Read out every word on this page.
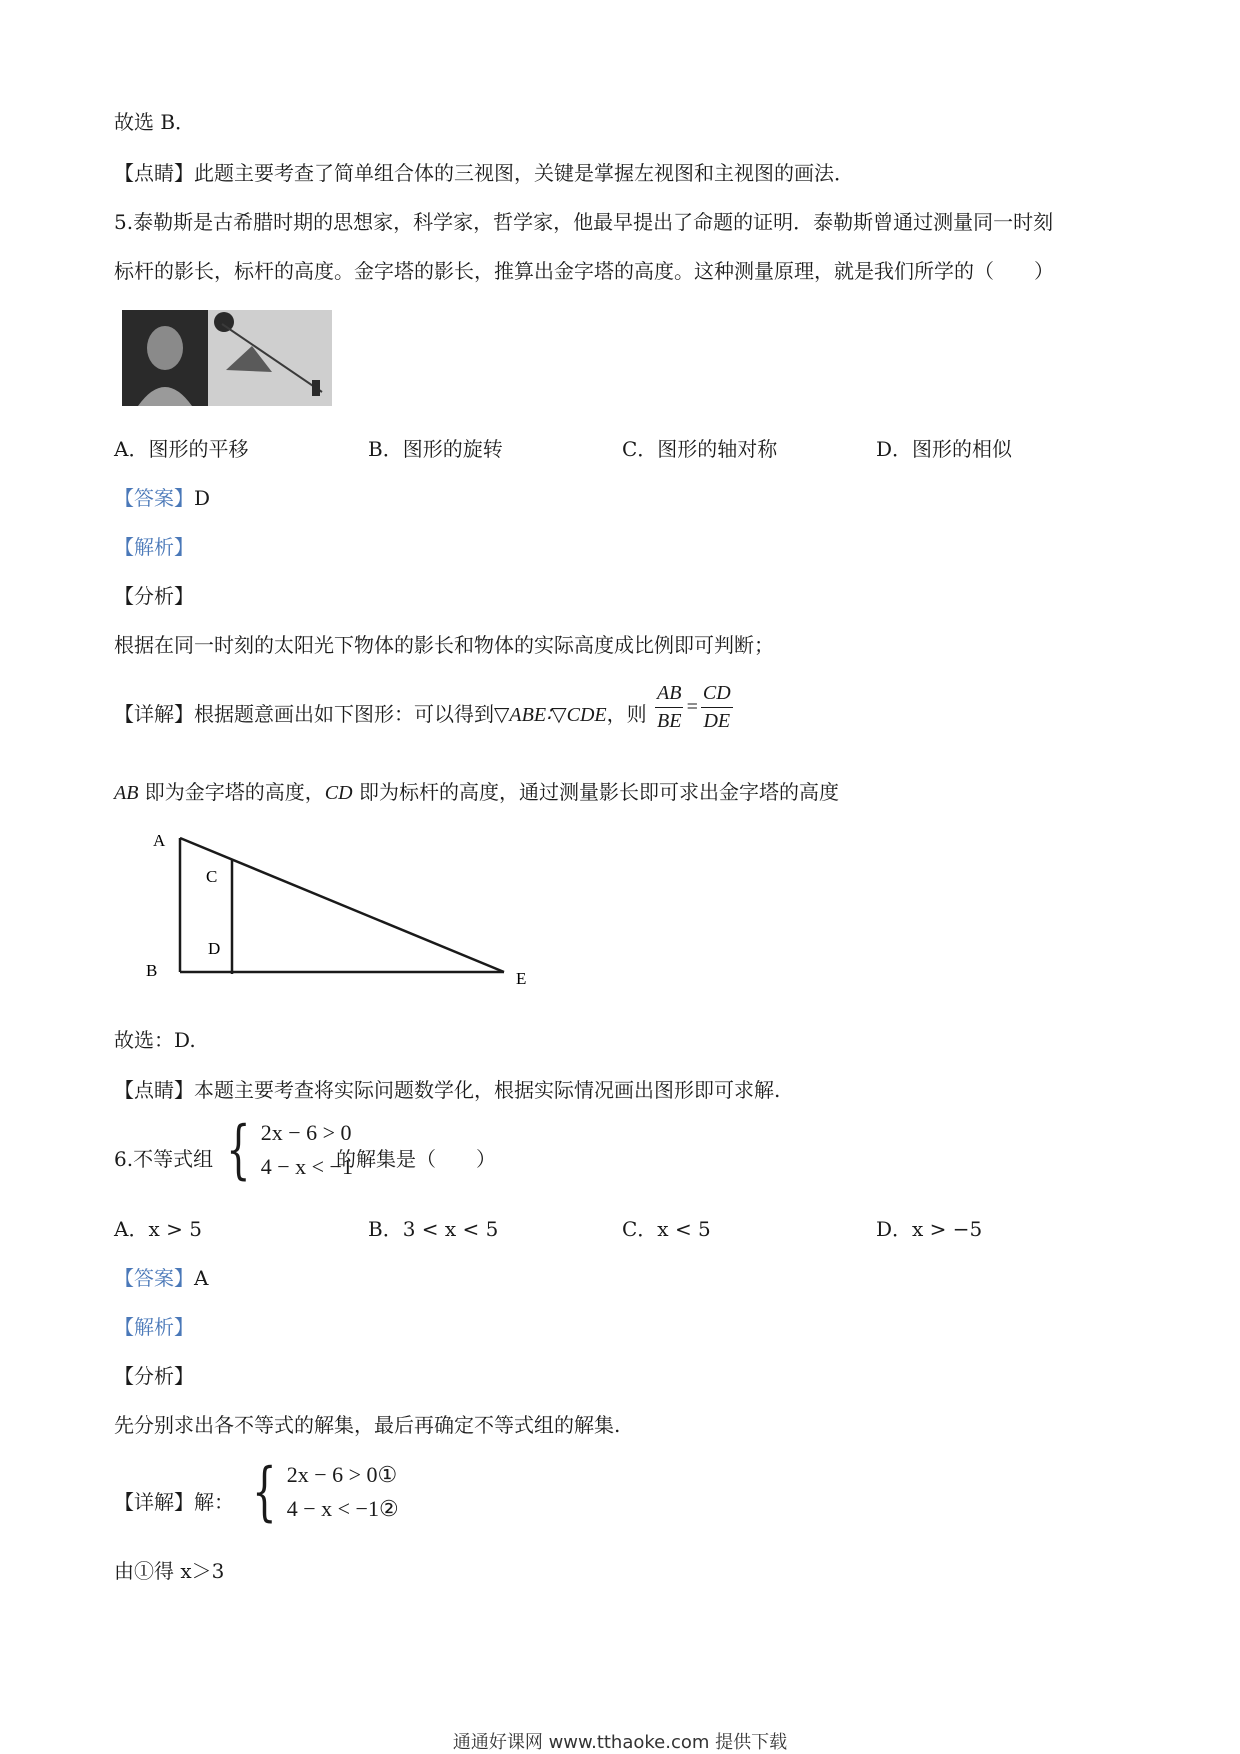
故选 B．
【点睛】此题主要考查了简单组合体的三视图，关键是掌握左视图和主视图的画法．
5.泰勒斯是古希腊时期的思想家，科学家，哲学家，他最早提出了命题的证明．泰勒斯曾通过测量同一时刻
标杆的影长，标杆的高度。金字塔的影长，推算出金字塔的高度。这种测量原理，就是我们所学的（　　）
A．图形的平移	B．图形的旋转	C．图形的轴对称	D．图形的相似
【答案】D
【解析】
【分析】
根据在同一时刻的太阳光下物体的影长和物体的实际高度成比例即可判断；
【详解】根据题意画出如下图形：可以得到▽ABE∶▽CDE，则 $\frac{AB}{BE} = \frac{CD}{DE}$
AB 即为金字塔的高度，CD 即为标杆的高度，通过测量影长即可求出金字塔的高度
A
B
C
D
E
故选：D.
【点睛】本题主要考查将实际问题数学化，根据实际情况画出图形即可求解.
6.不等式组 { 2x − 6 > 0
4 − x < −1
的解集是（　　）
A．x > 5	B．3 < x < 5	C．x < 5	D．x > −5
【答案】A
【解析】
【分析】
先分别求出各不等式的解集，最后再确定不等式组的解集.
【详解】解： { 2x − 6 > 0①
4 − x < −1②
由①得 x＞3
通通好课网 www.tthaoke.com 提供下载
